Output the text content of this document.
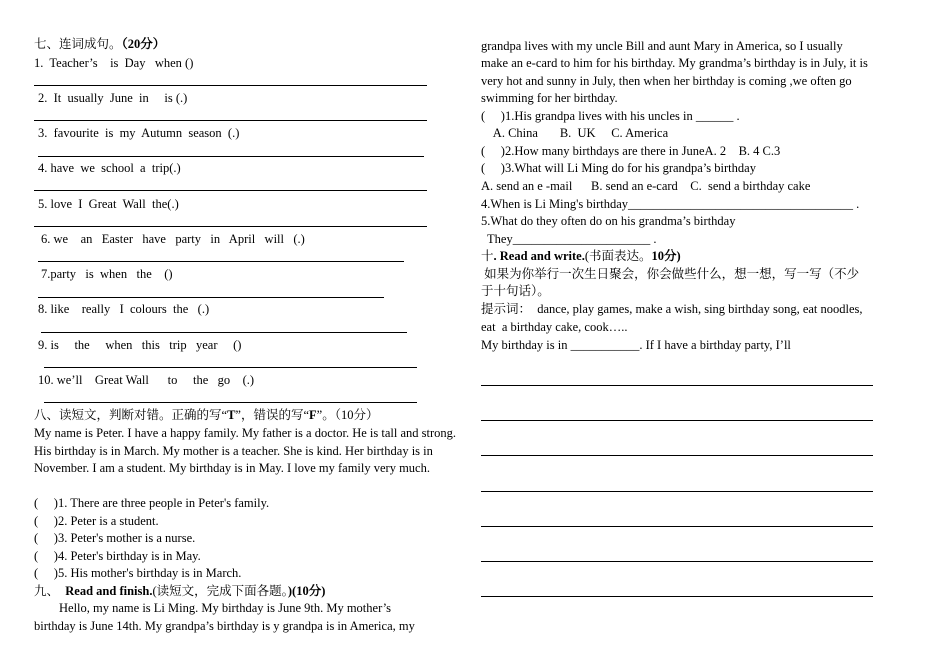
七、连词成句。（20分）
1.  Teacher’s    is  Day   when ()
2.  It  usually  June  in     is (.)
3.  favourite  is  my  Autumn  season  (.)
4. have  we  school  a  trip(.)
5. love  I  Great  Wall  the(.)
6. we    an   Easter   have   party   in   April   will   (.)
7.party   is  when   the    ()
8. like    really   I  colours  the   (.)
9. is     the     when   this   trip   year     ()
10. we’ll    Great Wall      to     the   go    (.)
八、读短文，判断对错。正确的写“T”，错误的写“F”。（10分）
My name is Peter. I have a happy family. My father is a doctor. He is tall and strong. His birthday is in March. My mother is a teacher. She is kind. Her birthday is in November. I am a student. My birthday is in May. I love my family very much.
(     )1. There are three people in Peter's family.
(     )2. Peter is a student.
(     )3. Peter's mother is a nurse.
(     )4. Peter's birthday is in May.
(     )5. His mother's birthday is in March.
九、  Read and finish.(读短文，完成下面各题。)(10分)
Hello, my name is Li Ming. My birthday is June 9th. My mother’s
birthday is June 14th. My grandpa’s birthday is y grandpa is in America, my
grandpa lives with my uncle Bill and aunt Mary in America, so I usually
make an e-card to him for his birthday. My grandma’s birthday is in July, it is
very hot and sunny in July, then when her birthday is coming ,we often go
swimming for her birthday.
(     )1.His grandpa lives with his uncles in ______ .
A. China       B.  UK     C. America
(     )2.How many birthdays are there in JuneA. 2    B. 4 C.3
(     )3.What will Li Ming do for his grandpa’s birthday
A. send an e -mail      B. send an e-card    C.  send a birthday cake
4.When is Li Ming's birthday____________________________________ .
5.What do they often do on his grandma’s birthday
They______________________ .
十. Read and write.(书面表达。10分)
如果为你举行一次生日聚会，你会做些什么，想一想，写一写（不少
于十句话）。
提示词：  dance, play games, make a wish, sing birthday song, eat noodles,
eat  a birthday cake, cook…..
My birthday is in ___________. If I have a birthday party, I’ll
